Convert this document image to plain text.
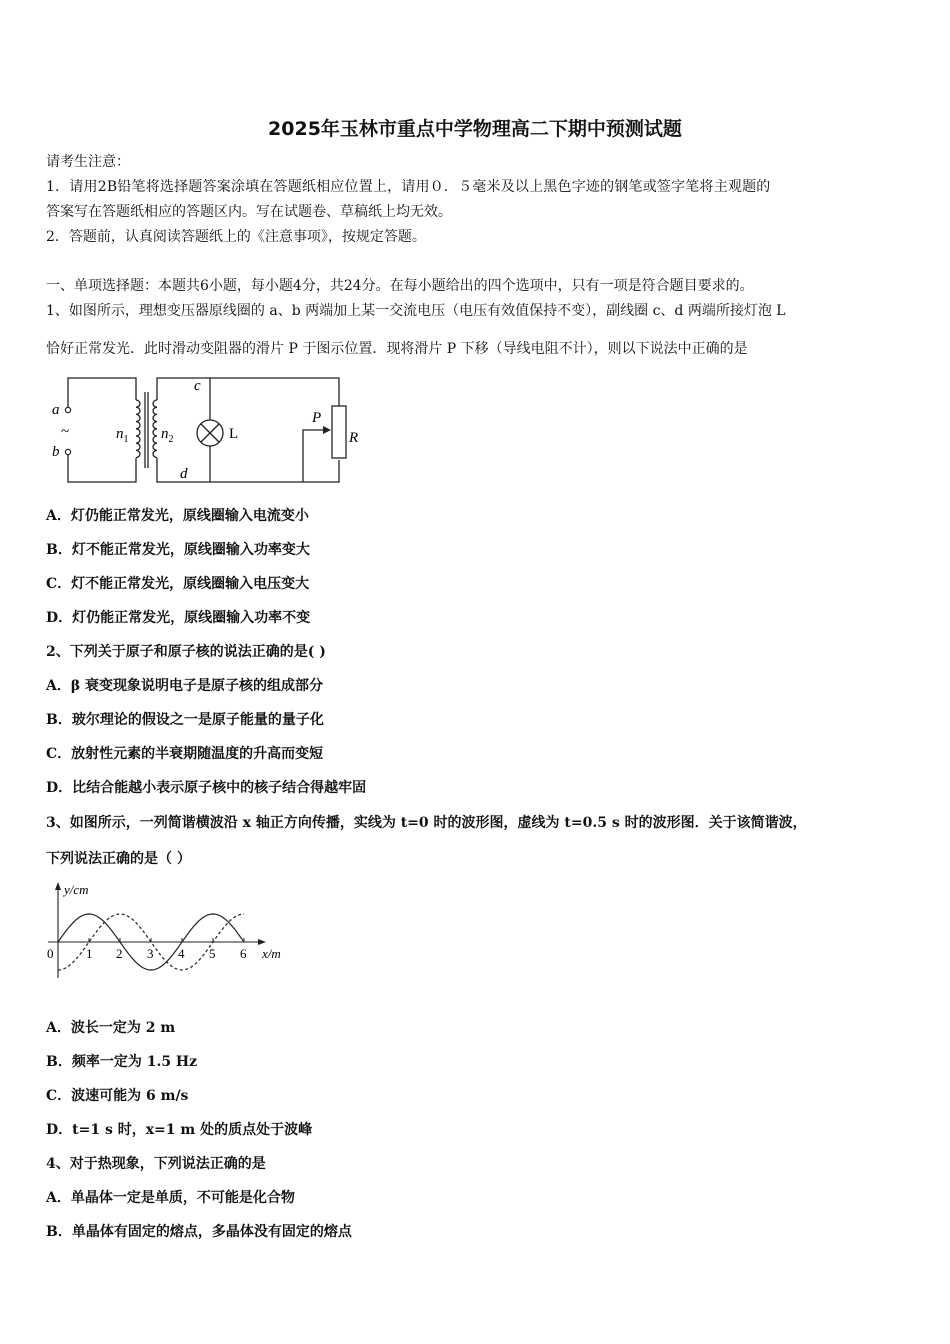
2025年玉林市重点中学物理高二下期中预测试题
请考生注意：
1．请用2B铅笔将选择题答案涂填在答题纸相应位置上，请用０．５毫米及以上黑色字迹的钢笔或签字笔将主观题的
答案写在答题纸相应的答题区内。写在试题卷、草稿纸上均无效。
2．答题前，认真阅读答题纸上的《注意事项》，按规定答题。
一、单项选择题：本题共6小题，每小题4分，共24分。在每小题给出的四个选项中，只有一项是符合题目要求的。
1、如图所示，理想变压器原线圈的 a、b 两端加上某一交流电压（电压有效值保持不变），副线圈 c、d 两端所接灯泡 L
恰好正常发光．此时滑动变阻器的滑片 P 于图示位置．现将滑片 P 下移（导线电阻不计），则以下说法中正确的是
a
b
~	$n_1$ $n_2$
c
d
L
P
R
A．灯仍能正常发光，原线圈输入电流变小
B．灯不能正常发光，原线圈输入功率变大
C．灯不能正常发光，原线圈输入电压变大
D．灯仍能正常发光，原线圈输入功率不变
2、下列关于原子和原子核的说法正确的是( )
A．β 衰变现象说明电子是原子核的组成部分
B．玻尔理论的假设之一是原子能量的量子化
C．放射性元素的半衰期随温度的升高而变短
D．比结合能越小表示原子核中的核子结合得越牢固
3、如图所示，一列简谐横波沿 x 轴正方向传播，实线为 t=0 时的波形图，虚线为 t=0.5 s 时的波形图．关于该简谐波，
下列说法正确的是（ ）
y/cm
x/m
0	1 2 3 4 5 6
A．波长一定为 2 m
B．频率一定为 1.5 Hz
C．波速可能为 6 m/s
D．t=1 s 时，x=1 m 处的质点处于波峰
4、对于热现象，下列说法正确的是
A．单晶体一定是单质，不可能是化合物
B．单晶体有固定的熔点，多晶体没有固定的熔点
